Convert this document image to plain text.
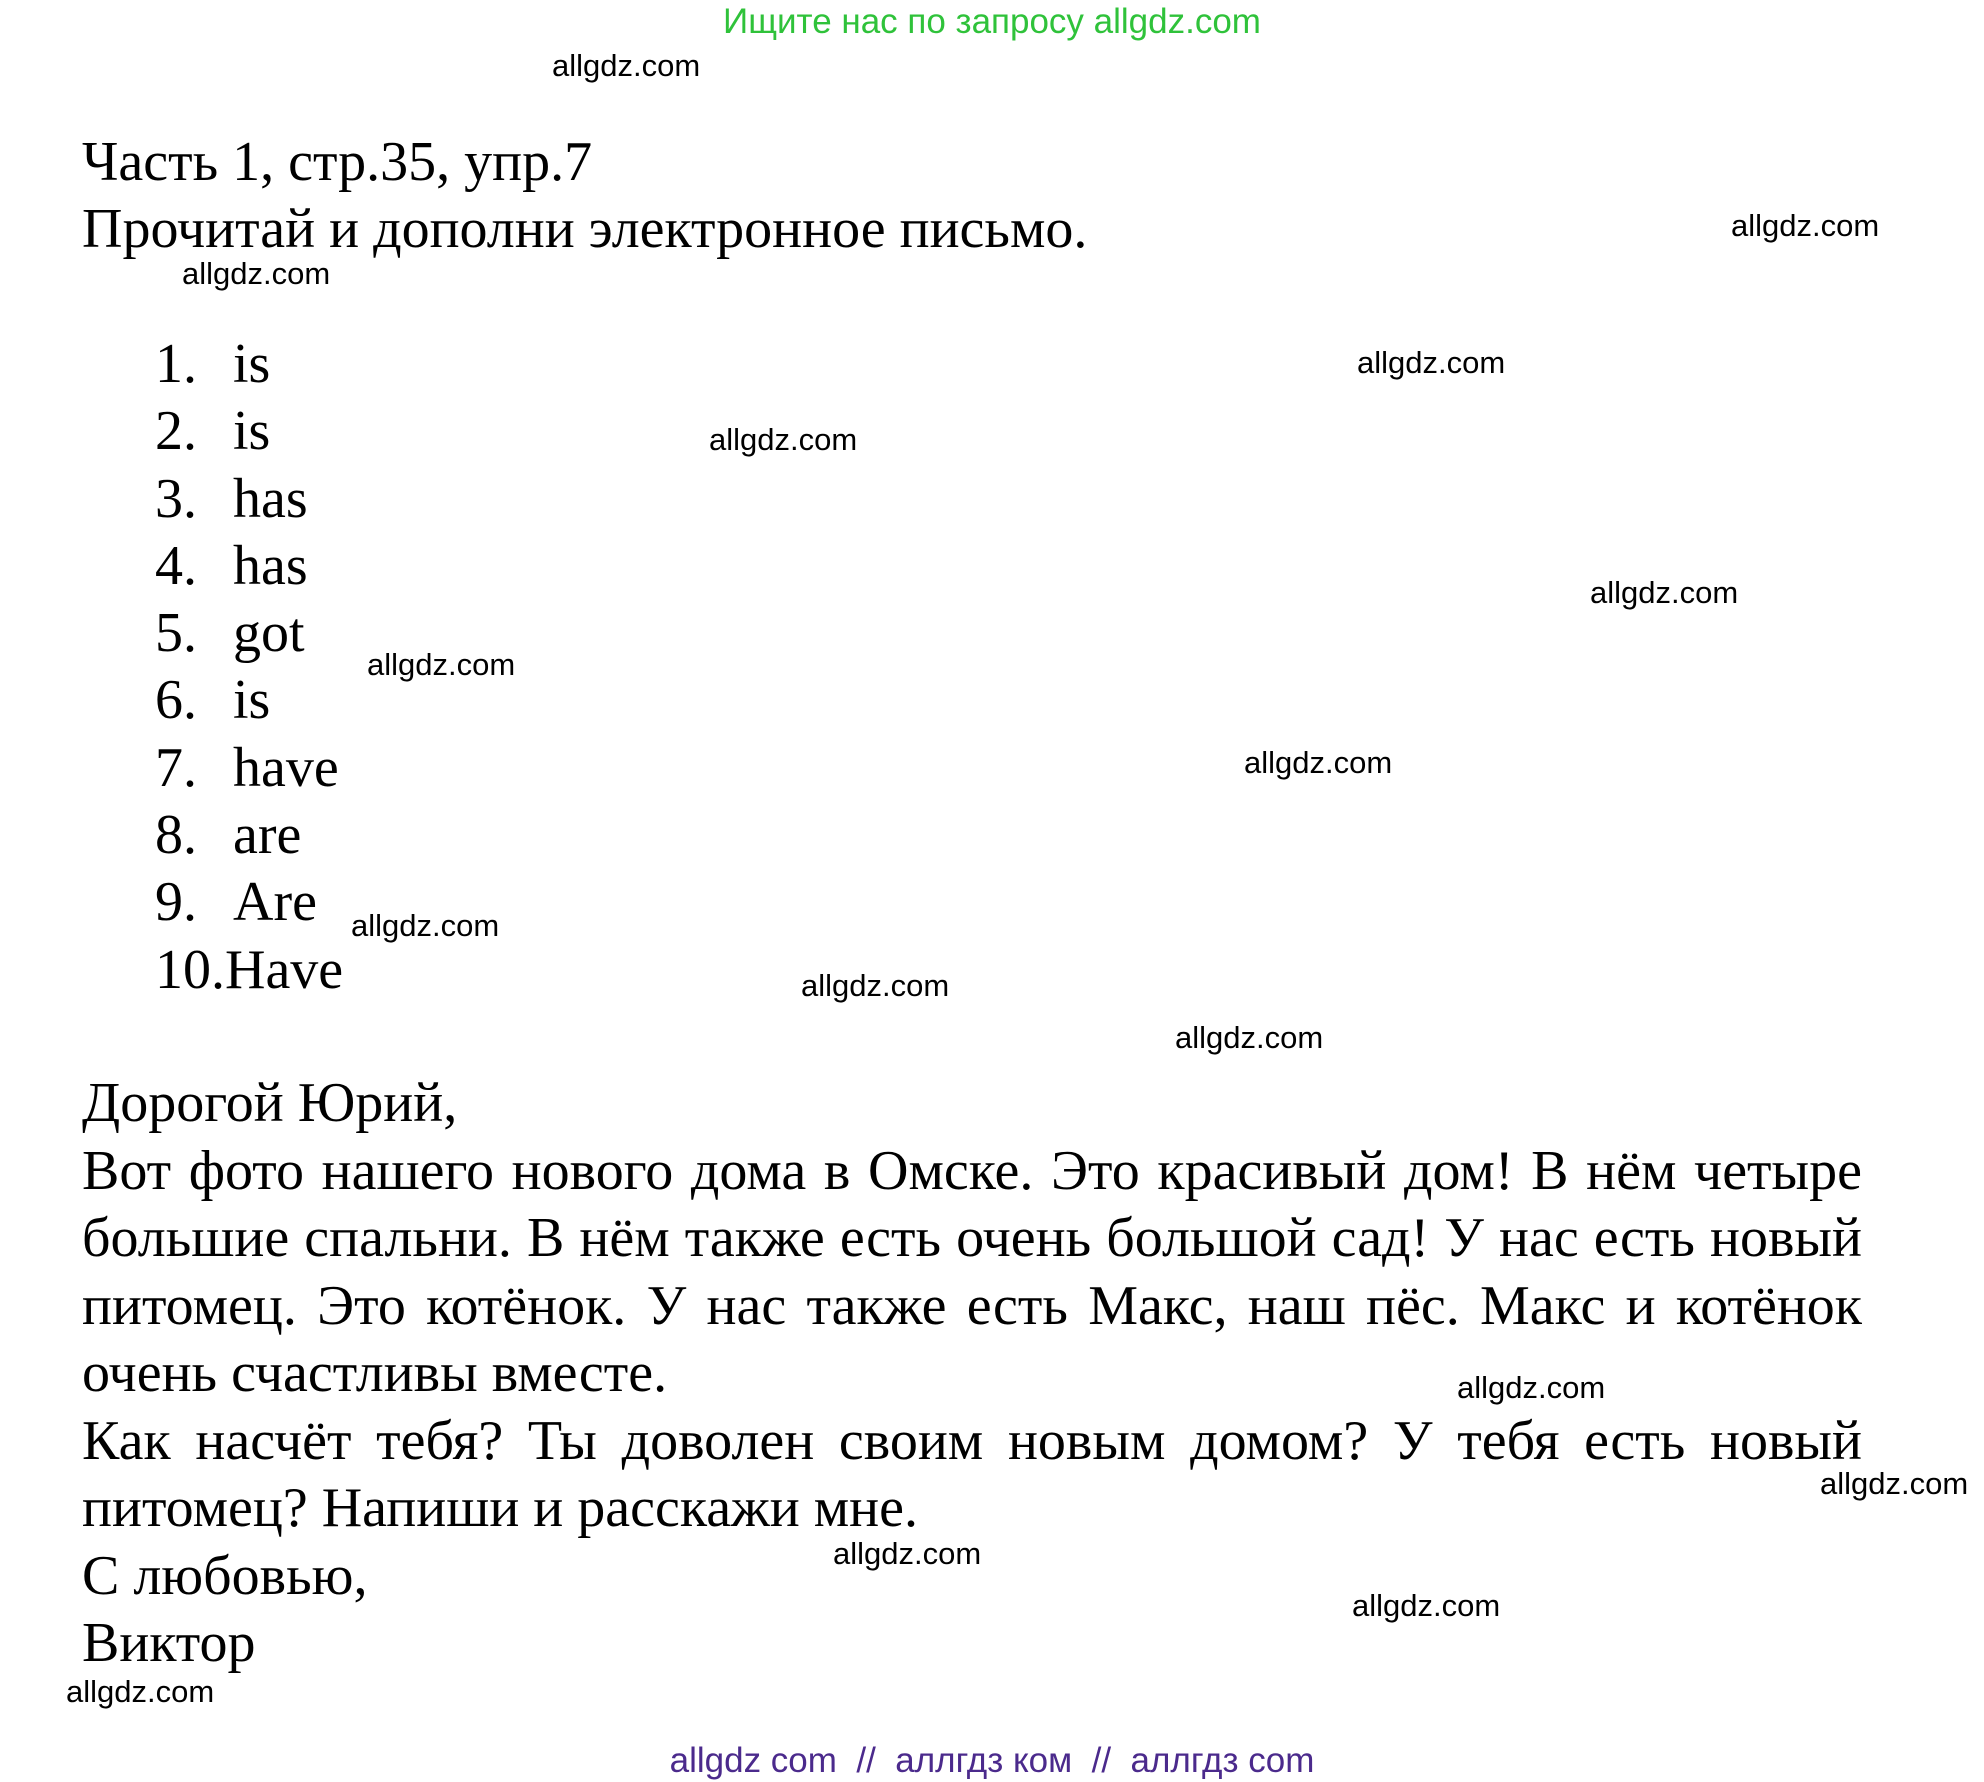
Ищите нас по запросу allgdz.com
Часть 1, стр.35, упр.7
Прочитай и дополни электронное письмо.
1. is
2. is
3. has
4. has
5. got
6. is
7. have
8. are
9. Are
10.Have

Дорогой Юрий,

Вот фото нашего нового дома в Омске. Это красивый дом! В нём четыре большие спальни. В нём также есть очень большой сад! У нас есть новый питомец. Это котёнок. У нас также есть Макс, наш пёс. Макс и котёнок очень счастливы вместе.

Как насчёт тебя? Ты доволен своим новым домом? У тебя есть новый питомец? Напиши и расскажи мне.

С любовью,

Виктор

allgdz.com
allgdz.com
allgdz.com
allgdz.com
allgdz.com
allgdz.com
allgdz.com
allgdz.com
allgdz.com
allgdz.com
allgdz.com
allgdz.com
allgdz.com
allgdz.com
allgdz.com
allgdz.com
allgdz com  //  аллгдз ком  //  аллгдз com
